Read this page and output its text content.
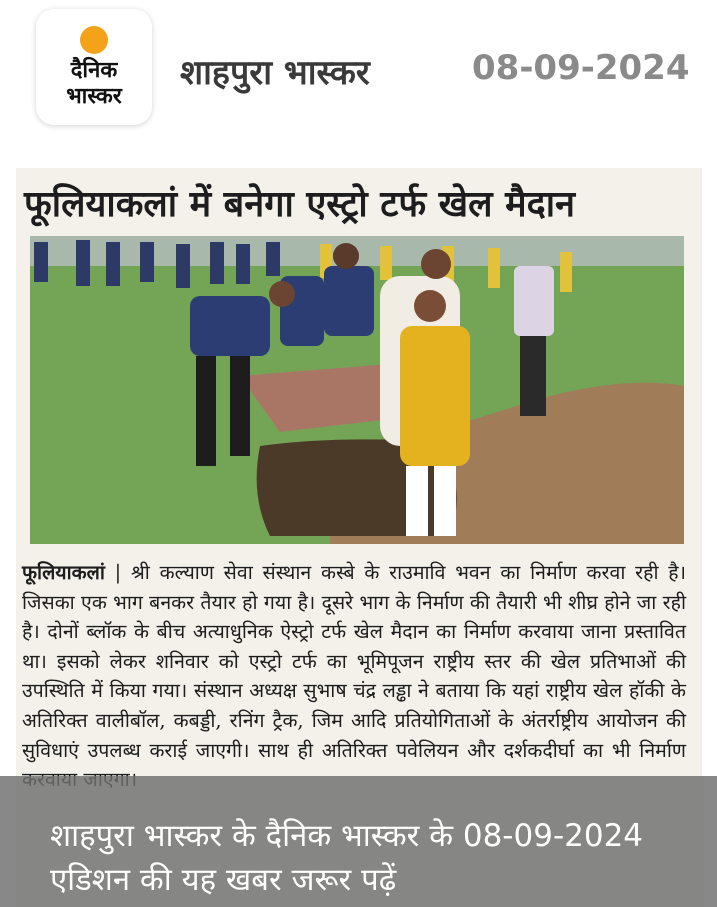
दैनिक
भास्कर
शाहपुरा भास्कर	08-09-2024
फूलियाकलां में बनेगा एस्ट्रो टर्फ खेल मैदान
फूलियाकलां | श्री कल्याण सेवा संस्थान कस्बे के राउमावि भवन का निर्माण करवा रही है। जिसका एक भाग बनकर तैयार हो गया है। दूसरे भाग के निर्माण की तैयारी भी शीघ्र होने जा रही है। दोनों ब्लॉक के बीच अत्याधुनिक ऐस्ट्रो टर्फ खेल मैदान का निर्माण करवाया जाना प्रस्तावित था। इसको लेकर शनिवार को एस्ट्रो टर्फ का भूमिपूजन राष्ट्रीय स्तर की खेल प्रतिभाओं की उपस्थिति में किया गया। संस्थान अध्यक्ष सुभाष चंद्र लड्ढा ने बताया कि यहां राष्ट्रीय खेल हॉकी के अतिरिक्त वालीबॉल, कबड्डी, रनिंग ट्रैक, जिम आदि प्रतियोगिताओं के अंतर्राष्ट्रीय आयोजन की सुविधाएं उपलब्ध कराई जाएगी। साथ ही अतिरिक्त पवेलियन और दर्शकदीर्घा का भी निर्माण
शाहपुरा भास्कर के दैनिक भास्कर के 08-09-2024 एडिशन की यह खबर जरूर पढ़ें
